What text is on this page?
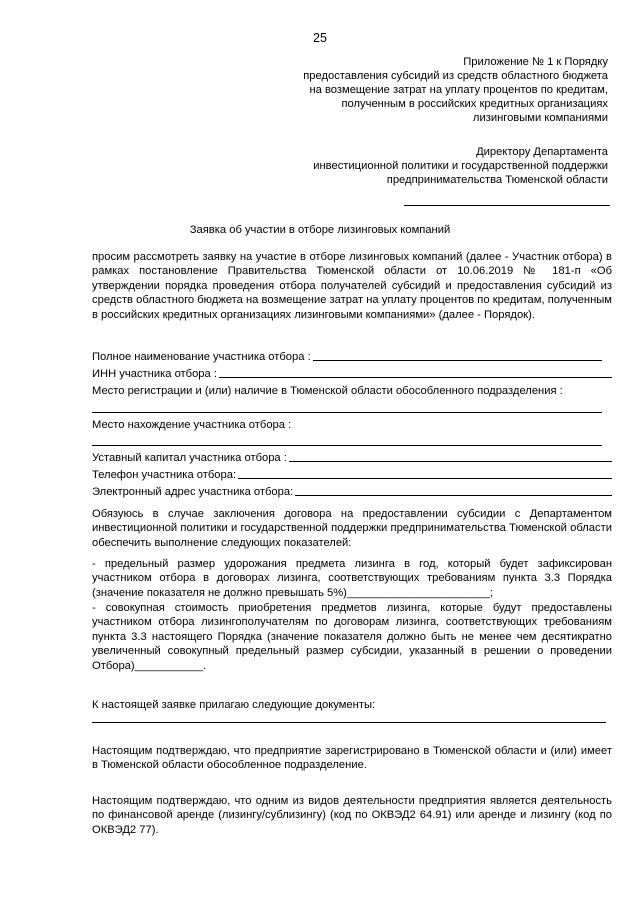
25
Приложение № 1 к Порядку
предоставления субсидий из средств областного бюджета
на возмещение затрат на уплату процентов по кредитам,
полученным в российских кредитных организациях
лизинговыми компаниями
Директору Департамента
инвестиционной политики и государственной поддержки
предпринимательства Тюменской области
Заявка об участии в отборе лизинговых компаний
просим рассмотреть заявку на участие в отборе лизинговых компаний (далее - Участник отбора) в рамках постановление Правительства Тюменской области от 10.06.2019 № 181-п «Об утверждении порядка проведения отбора получателей субсидий и предоставления субсидий из средств областного бюджета на возмещение затрат на уплату процентов по кредитам, полученным в российских кредитных организациях лизинговыми компаниями» (далее - Порядок).
Полное наименование участника отбора :
ИНН участника отбора :
Место регистрации и (или) наличие в Тюменской области обособленного подразделения :
Место нахождение участника отбора :
Уставный капитал участника отбора :
Телефон участника отбора:
Электронный адрес участника отбора:
Обязуюсь в случае заключения договора на предоставлении субсидии с Департаментом инвестиционной политики и государственной поддержки предпринимательства Тюменской области обеспечить выполнение следующих показателей:
- предельный размер удорожания предмета лизинга в год, который будет зафиксирован участником отбора в договорах лизинга, соответствующих требованиям пункта 3.3 Порядка (значение показателя не должно превышать 5%)_______________________;
- совокупная стоимость приобретения предметов лизинга, которые будут предоставлены участником отбора лизингополучателям по договорам лизинга, соответствующих требованиям пункта 3.3 настоящего Порядка (значение показателя должно быть не менее чем десятикратно увеличенный совокупный предельный размер субсидии, указанный в решении о проведении Отбора)___________.
К настоящей заявке прилагаю следующие документы:
Настоящим подтверждаю, что предприятие зарегистрировано в Тюменской области и (или) имеет в Тюменской области обособленное подразделение.
Настоящим подтверждаю, что одним из видов деятельности предприятия является деятельность по финансовой аренде (лизингу/сублизингу) (код по ОКВЭД2 64.91) или аренде и лизингу (код по ОКВЭД2 77).
